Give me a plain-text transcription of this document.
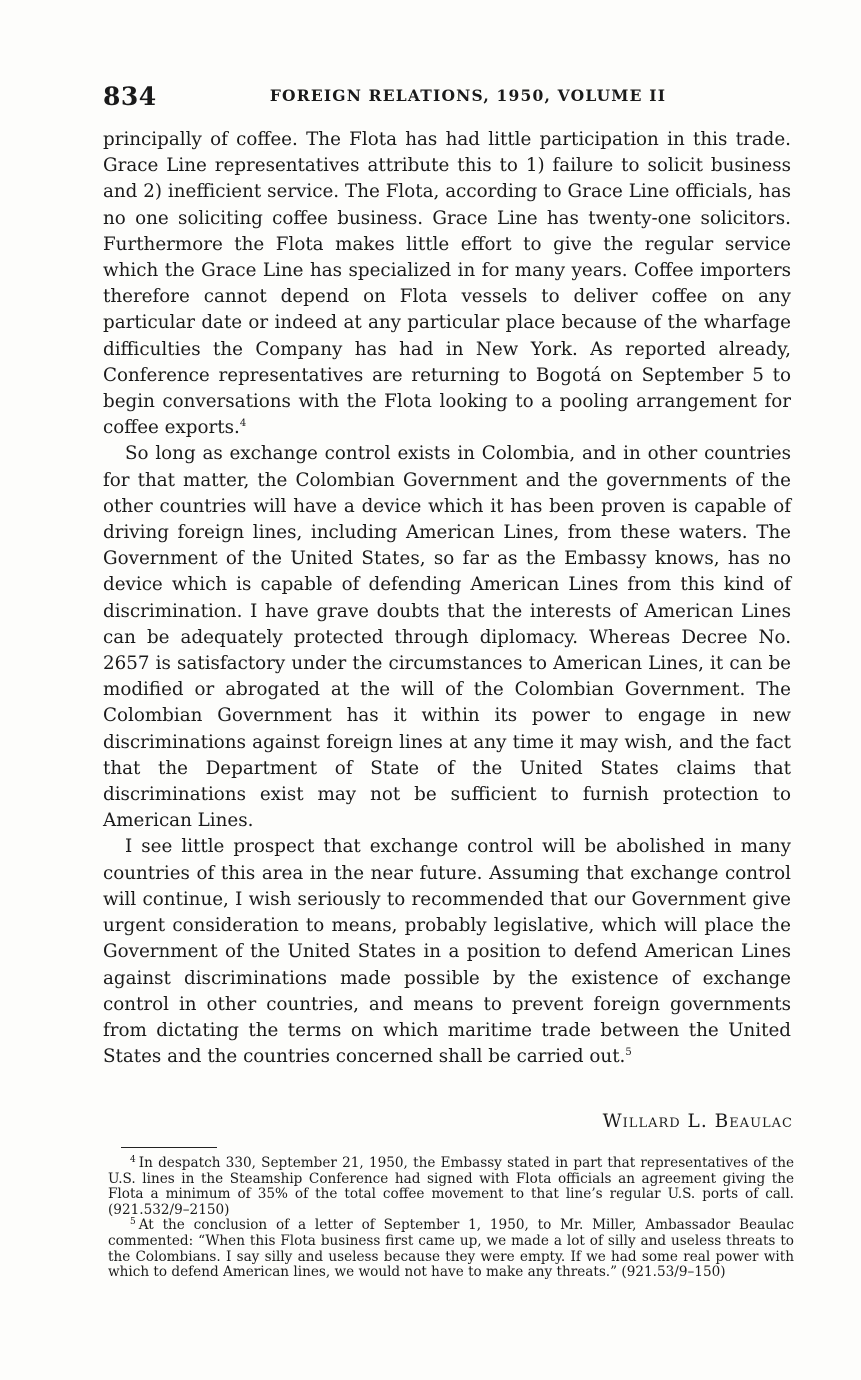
834	FOREIGN RELATIONS, 1950, VOLUME II

principally of coffee. The Flota has had little participation in this trade. Grace Line representatives attribute this to 1) failure to solicit business and 2) inefficient service. The Flota, according to Grace Line officials, has no one soliciting coffee business. Grace Line has twenty-one solicitors. Furthermore the Flota makes little effort to give the regular service which the Grace Line has specialized in for many years. Coffee importers therefore cannot depend on Flota vessels to deliver coffee on any particular date or indeed at any particular place because of the wharfage difficulties the Company has had in New York. As reported already, Conference representatives are returning to Bogotá on September 5 to begin conversations with the Flota looking to a pooling arrangement for coffee exports.$^4$

So long as exchange control exists in Colombia, and in other countries for that matter, the Colombian Government and the governments of the other countries will have a device which it has been proven is capable of driving foreign lines, including American Lines, from these waters. The Government of the United States, so far as the Embassy knows, has no device which is capable of defending American Lines from this kind of discrimination. I have grave doubts that the interests of American Lines can be adequately protected through diplomacy. Whereas Decree No. 2657 is satisfactory under the circumstances to American Lines, it can be modified or abrogated at the will of the Colombian Government. The Colombian Government has it within its power to engage in new discriminations against foreign lines at any time it may wish, and the fact that the Department of State of the United States claims that discriminations exist may not be sufficient to furnish protection to American Lines.

I see little prospect that exchange control will be abolished in many countries of this area in the near future. Assuming that exchange control will continue, I wish seriously to recommended that our Government give urgent consideration to means, probably legislative, which will place the Government of the United States in a position to defend American Lines against discriminations made possible by the existence of exchange control in other countries, and means to prevent foreign governments from dictating the terms on which maritime trade between the United States and the countries concerned shall be carried out.$^5$

Willard L. Beaulac

$^4$ In despatch 330, September 21, 1950, the Embassy stated in part that representatives of the U.S. lines in the Steamship Conference had signed with Flota officials an agreement giving the Flota a minimum of 35% of the total coffee movement to that line’s regular U.S. ports of call. (921.532/9–2150)

$^5$ At the conclusion of a letter of September 1, 1950, to Mr. Miller, Ambassador Beaulac commented: “When this Flota business first came up, we made a lot of silly and useless threats to the Colombians. I say silly and useless because they were empty. If we had some real power with which to defend American lines, we would not have to make any threats.” (921.53/9–150)
